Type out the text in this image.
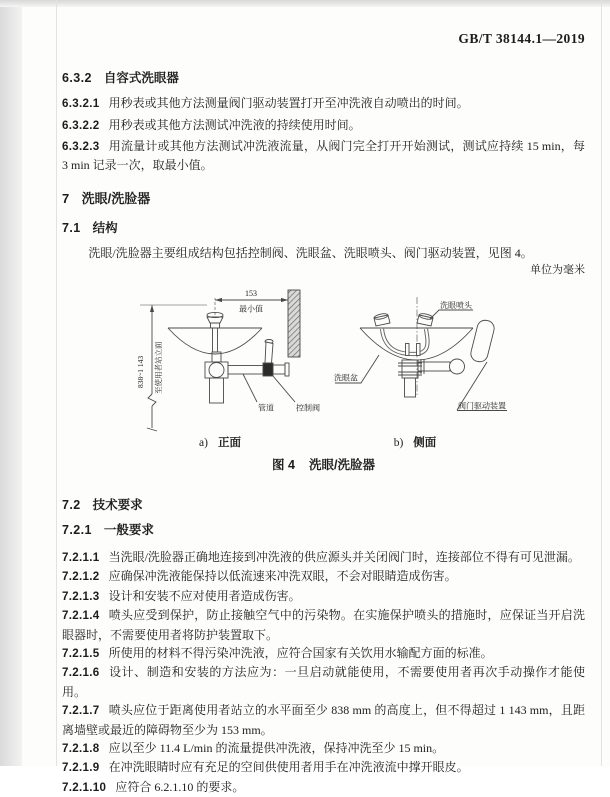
GB/T 38144.1—2019
6.3.2 自容式洗眼器

6.3.2.1 用秒表或其他方法测量阀门驱动装置打开至冲洗液自动喷出的时间。

6.3.2.2 用秒表或其他方法测试冲洗液的持续使用时间。

6.3.2.3 用流量计或其他方法测试冲洗液流量，从阀门完全打开开始测试，测试应持续 15 min，每 3 min 记录一次，取最小值。

7 洗眼/洗脸器
7.1 结构

洗眼/洗脸器主要组成结构包括控制阀、洗眼盆、洗眼喷头、阀门驱动装置，见图 4。

单位为毫米
153
最小值
838~1 143 至使用者站立面
管道	控制阀
洗眼喷头
洗眼盆
阀门驱动装置
a) 正面	b) 侧面
图 4 洗眼/洗脸器
7.2 技术要求
7.2.1 一般要求

7.2.1.1 当洗眼/洗脸器正确地连接到冲洗液的供应源头并关闭阀门时，连接部位不得有可见泄漏。

7.2.1.2 应确保冲洗液能保持以低流速来冲洗双眼，不会对眼睛造成伤害。

7.2.1.3 设计和安装不应对使用者造成伤害。

7.2.1.4 喷头应受到保护，防止接触空气中的污染物。在实施保护喷头的措施时，应保证当开启洗眼器时，不需要使用者将防护装置取下。

7.2.1.5 所使用的材料不得污染冲洗液，应符合国家有关饮用水输配方面的标准。

7.2.1.6 设计、制造和安装的方法应为：一旦启动就能使用，不需要使用者再次手动操作才能使用。

7.2.1.7 喷头应位于距离使用者站立的水平面至少 838 mm 的高度上，但不得超过 1 143 mm，且距离墙壁或最近的障碍物至少为 153 mm。

7.2.1.8 应以至少 11.4 L/min 的流量提供冲洗液，保持冲洗至少 15 min。

7.2.1.9 在冲洗眼睛时应有充足的空间供使用者用手在冲洗液流中撑开眼皮。

7.2.1.10 应符合 6.2.1.10 的要求。
